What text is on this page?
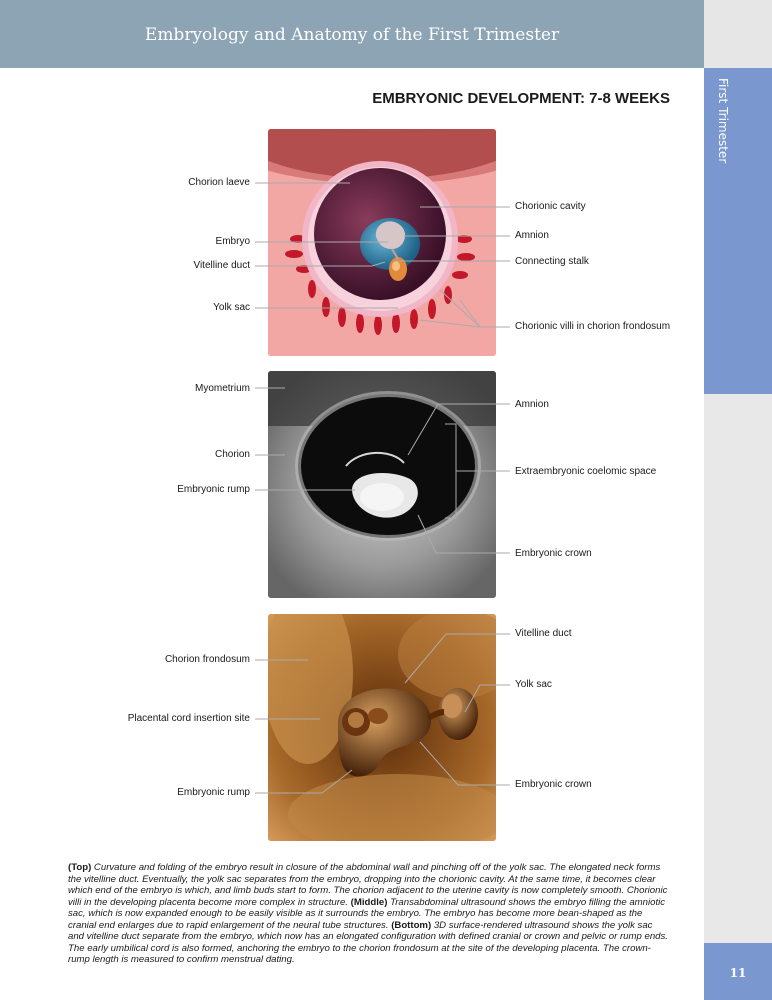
Embryology and Anatomy of the First Trimester
First Trimester
11
EMBRYONIC DEVELOPMENT: 7-8 WEEKS
Chorion laeve
Embryo
Vitelline duct
Yolk sac
Chorionic cavity
Amnion
Connecting stalk
Chorionic villi in chorion frondosum
Myometrium
Chorion
Embryonic rump
Amnion
Extraembryonic coelomic space
Embryonic crown
Chorion frondosum
Placental cord insertion site
Embryonic rump
Vitelline duct
Yolk sac
Embryonic crown
(Top) Curvature and folding of the embryo result in closure of the abdominal wall and pinching off of the yolk sac. The elongated neck forms the vitelline duct. Eventually, the yolk sac separates from the embryo, dropping into the chorionic cavity. At the same time, it becomes clear which end of the embryo is which, and limb buds start to form. The chorion adjacent to the uterine cavity is now completely smooth. Chorionic villi in the developing placenta become more complex in structure. (Middle) Transabdominal ultrasound shows the embryo filling the amniotic sac, which is now expanded enough to be easily visible as it surrounds the embryo. The embryo has become more bean-shaped as the cranial end enlarges due to rapid enlargement of the neural tube structures. (Bottom) 3D surface-rendered ultrasound shows the yolk sac and vitelline duct separate from the embryo, which now has an elongated configuration with defined cranial or crown and pelvic or rump ends. The early umbilical cord is also formed, anchoring the embryo to the chorion frondosum at the site of the developing placenta. The crown-rump length is measured to confirm menstrual dating.
